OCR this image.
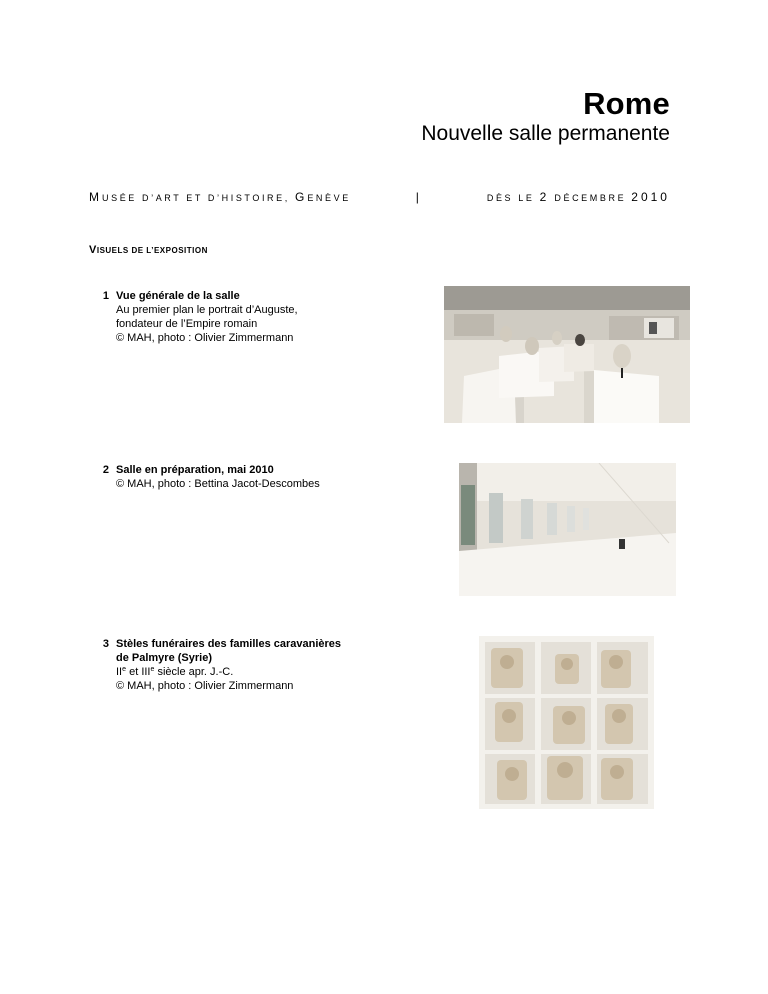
Rome
Nouvelle salle permanente
MUSÉE D’ART ET D’HISTOIRE, GENÈVE	|	DÈS LE 2 DÉCEMBRE 2010
VISUELS DE L’EXPOSITION
1 Vue générale de la salle
Au premier plan le portrait d’Auguste,
fondateur de l’Empire romain
© MAH, photo : Olivier Zimmermann
2 Salle en préparation, mai 2010
© MAH, photo : Bettina Jacot-Descombes
3 Stèles funéraires des familles caravanières
de Palmyre (Syrie)
IIe et IIIe siècle apr. J.-C.
© MAH, photo : Olivier Zimmermann
